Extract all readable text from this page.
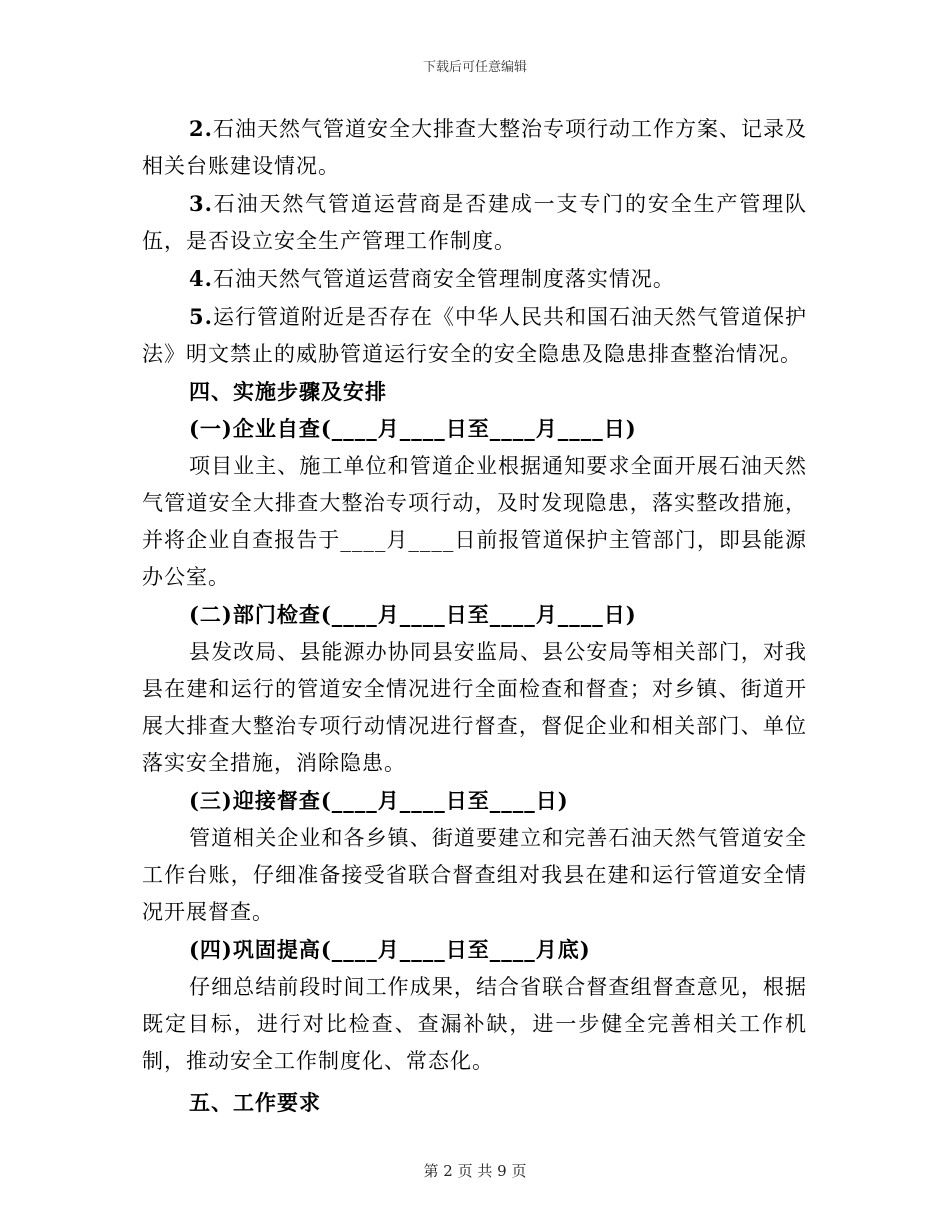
下载后可任意编辑

2.石油天然气管道安全大排查大整治专项行动工作方案、记录及相关台账建设情况。

3.石油天然气管道运营商是否建成一支专门的安全生产管理队伍，是否设立安全生产管理工作制度。

4.石油天然气管道运营商安全管理制度落实情况。

5.运行管道附近是否存在《中华人民共和国石油天然气管道保护法》明文禁止的威胁管道运行安全的安全隐患及隐患排查整治情况。

四、实施步骤及安排

(一)企业自查(____月____日至____月____日)

项目业主、施工单位和管道企业根据通知要求全面开展石油天然气管道安全大排查大整治专项行动，及时发现隐患，落实整改措施，并将企业自查报告于____月____日前报管道保护主管部门，即县能源办公室。

(二)部门检查(____月____日至____月____日)

县发改局、县能源办协同县安监局、县公安局等相关部门，对我县在建和运行的管道安全情况进行全面检查和督查；对乡镇、街道开展大排查大整治专项行动情况进行督查，督促企业和相关部门、单位落实安全措施，消除隐患。

(三)迎接督查(____月____日至____日)

管道相关企业和各乡镇、街道要建立和完善石油天然气管道安全工作台账，仔细准备接受省联合督查组对我县在建和运行管道安全情况开展督查。

(四)巩固提高(____月____日至____月底)

仔细总结前段时间工作成果，结合省联合督查组督查意见，根据既定目标，进行对比检查、查漏补缺，进一步健全完善相关工作机制，推动安全工作制度化、常态化。

五、工作要求

第 2 页 共 9 页
